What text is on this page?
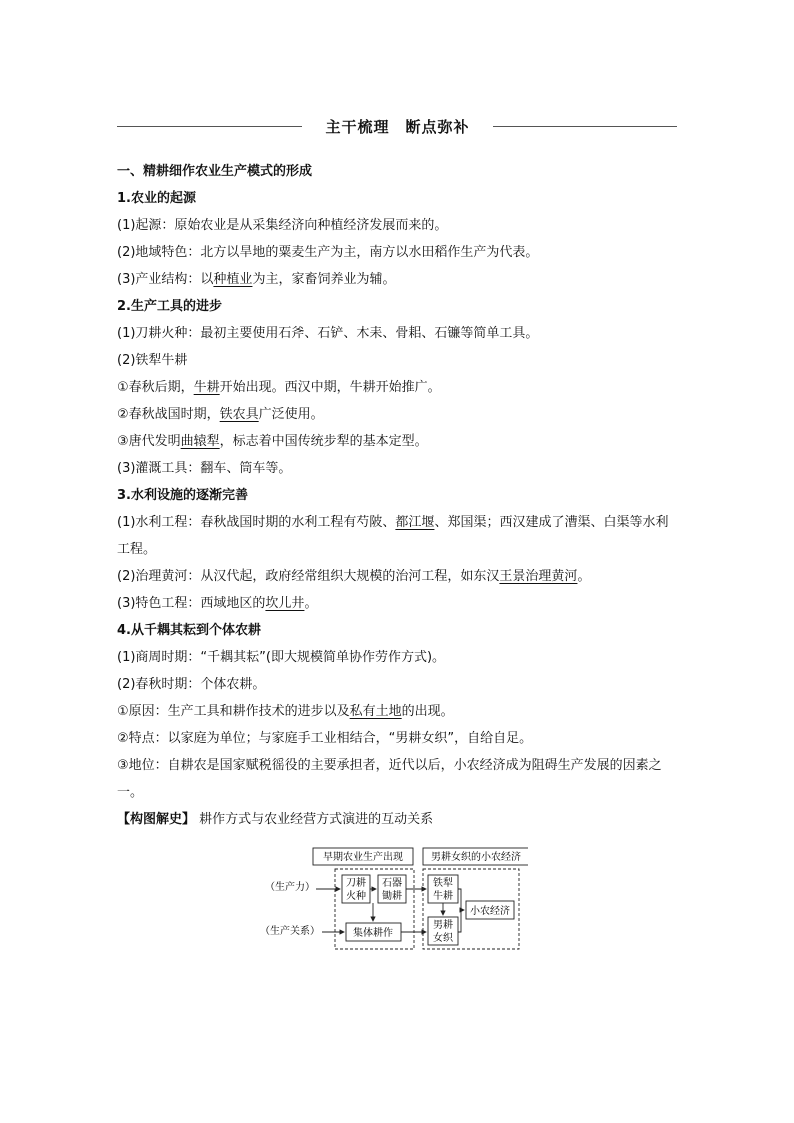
主干梳理　断点弥补
一、精耕细作农业生产模式的形成
1.农业的起源
(1)起源：原始农业是从采集经济向种植经济发展而来的。
(2)地域特色：北方以旱地的粟麦生产为主，南方以水田稻作生产为代表。
(3)产业结构：以种植业为主，家畜饲养业为辅。
2.生产工具的进步
(1)刀耕火种：最初主要使用石斧、石铲、木耒、骨耜、石镰等简单工具。
(2)铁犁牛耕
①春秋后期，牛耕开始出现。西汉中期，牛耕开始推广。
②春秋战国时期，铁农具广泛使用。
③唐代发明曲辕犁，标志着中国传统步犁的基本定型。
(3)灌溉工具：翻车、筒车等。
3.水利设施的逐渐完善
(1)水利工程：春秋战国时期的水利工程有芍陂、都江堰、郑国渠；西汉建成了漕渠、白渠等水利工程。
(2)治理黄河：从汉代起，政府经常组织大规模的治河工程，如东汉王景治理黄河。
(3)特色工程：西域地区的坎儿井。
4.从千耦其耘到个体农耕
(1)商周时期：“千耦其耘”(即大规模简单协作劳作方式)。
(2)春秋时期：个体农耕。
①原因：生产工具和耕作技术的进步以及私有土地的出现。
②特点：以家庭为单位；与家庭手工业相结合，“男耕女织”，自给自足。
③地位：自耕农是国家赋税徭役的主要承担者，近代以后，小农经济成为阻碍生产发展的因素之一。
【构图解史】 耕作方式与农业经营方式演进的互动关系
早期农业生产出现	男耕女织的小农经济
（生产力）
（生产关系）
刀耕
火种
石器
锄耕
集体耕作
铁犁
牛耕
男耕
女织
小农经济
